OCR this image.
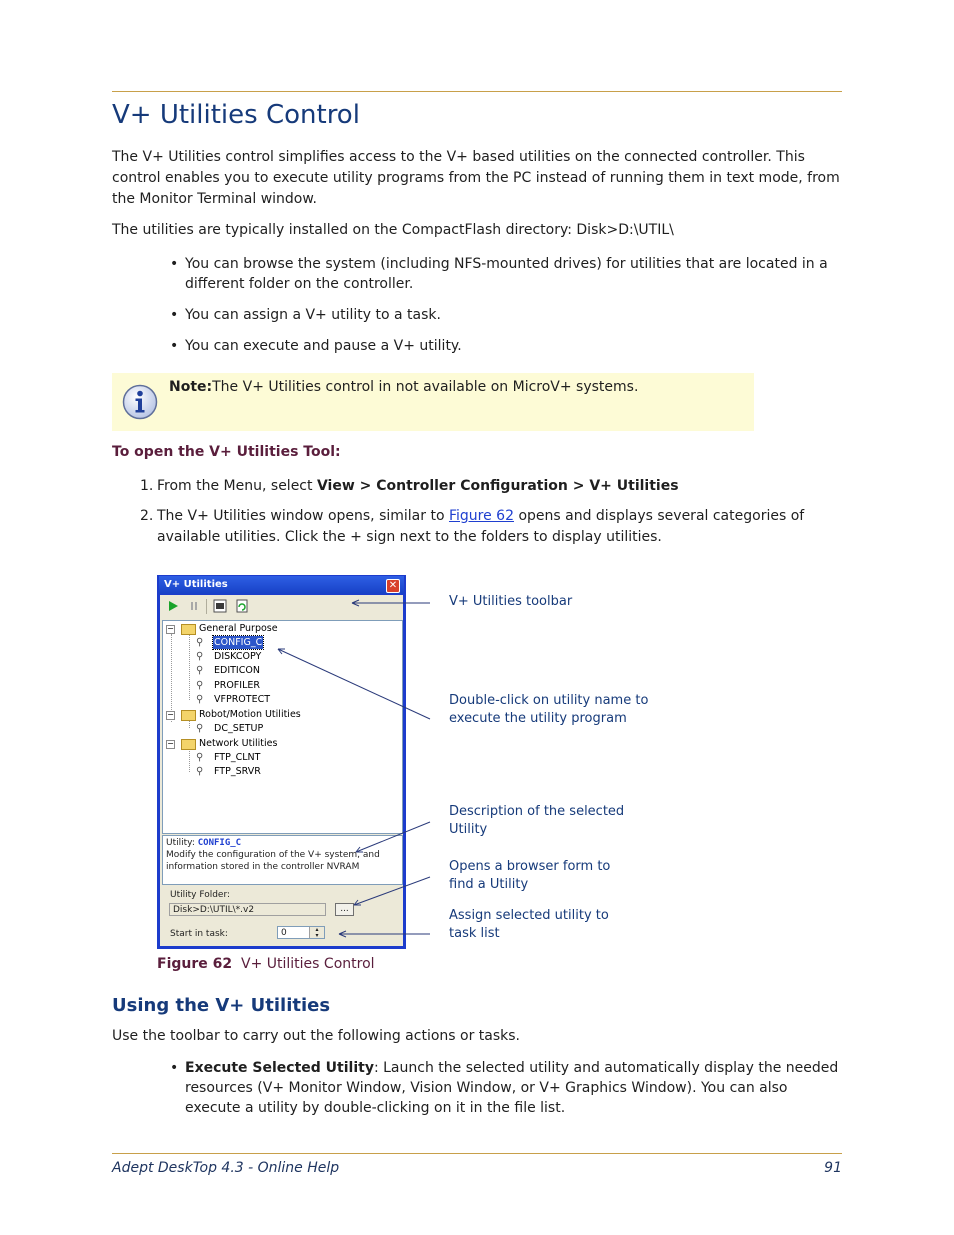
V+ Utilities Control

The V+ Utilities control simplifies access to the V+ based utilities on the connected controller. This control enables you to execute utility programs from the PC instead of running them in text mode, from the Monitor Terminal window.

The utilities are typically installed on the CompactFlash directory: Disk>D:\UTIL\

• You can browse the system (including NFS-mounted drives) for utilities that are located in a different folder on the controller.
• You can assign a V+ utility to a task.
• You can execute and pause a V+ utility.
Note:The V+ Utilities control in not available on MicroV+ systems.
To open the V+ Utilities Tool:
1. From the Menu, select View > Controller Configuration > V+ Utilities
2. The V+ Utilities window opens, similar to Figure 62 opens and displays several categories of available utilities. Click the + sign next to the folders to display utilities.
V+ Utilities	✕
−	General Purpose
⚲	CONFIG_C
⚲	DISKCOPY
⚲	EDITICON
⚲	PROFILER
⚲	VFPROTECT
−	Robot/Motion Utilities
⚲	DC_SETUP
−	Network Utilities
⚲	FTP_CLNT
⚲	FTP_SRVR
Utility: CONFIG_C
Modify the configuration of the V+ system, and
information stored in the controller NVRAM
Utility Folder:
Disk>D:\UTIL\*.v2	...
Start in task:	0	▴
▾
V+ Utilities toolbar
Double-click on utility name to execute the utility program
Description of the selected Utility
Opens a browser form to find a Utility
Assign selected utility to task list
Figure 62 V+ Utilities Control
Using the V+ Utilities

Use the toolbar to carry out the following actions or tasks.

• Execute Selected Utility: Launch the selected utility and automatically display the needed resources (V+ Monitor Window, Vision Window, or V+ Graphics Window). You can also execute a utility by double-clicking on it in the file list.
Adept DeskTop 4.3 - Online Help	91
